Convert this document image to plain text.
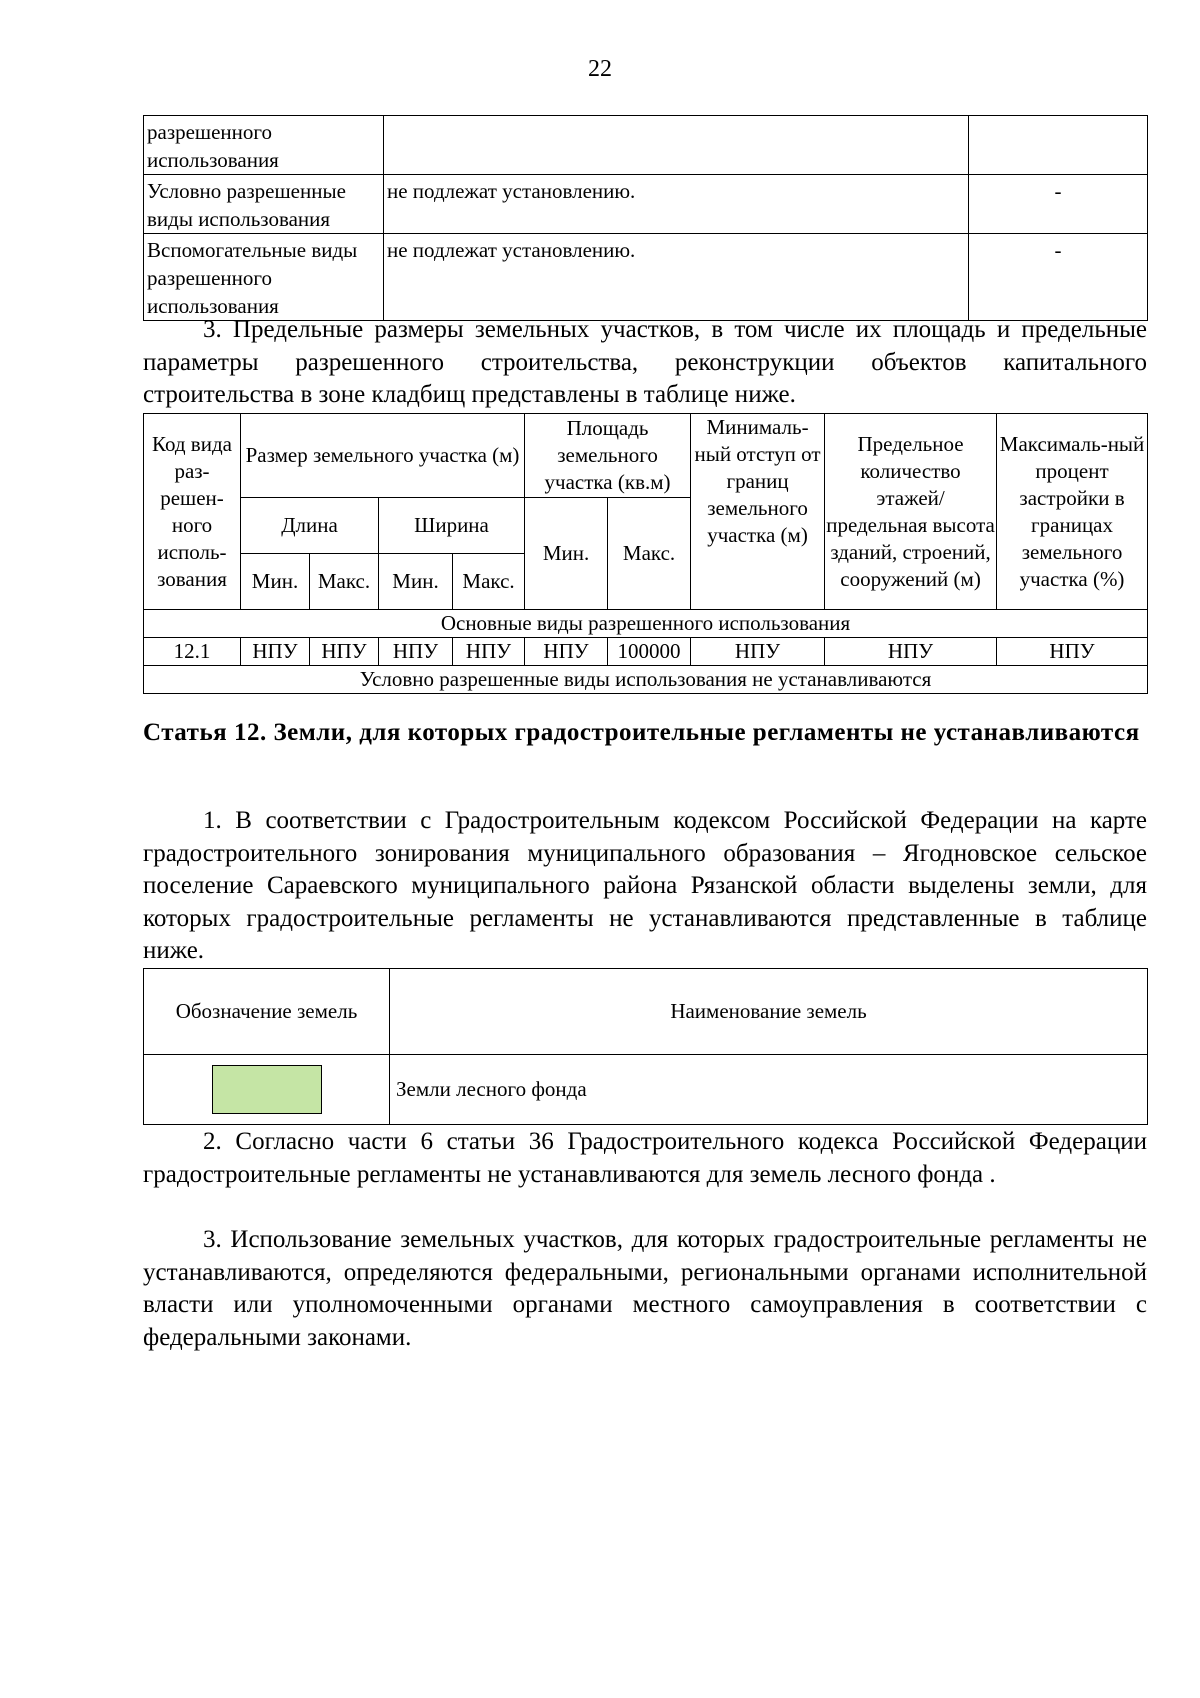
22
разрешенного использования		
Условно разрешенные виды использования	не подлежат установлению.	-
Вспомогательные виды разрешенного использования	не подлежат установлению.	-
3. Предельные размеры земельных участков, в том числе их площадь и предельные параметры разрешенного строительства, реконструкции объектов капитального строительства в зоне кладбищ представлены в таблице ниже.
Код вида раз-решен-ного исполь-зования	Размер земельного участка (м)				Площадь земельного участка (кв.м)		Минималь-ный отступ от границ земельного участка (м)	Предельное количество этажей/ предельная высота зданий, строений, сооружений (м)	Максималь-ный процент застройки в границах земельного участка (%)
	Длина		Ширина		Мин.	Макс.			
	Мин.	Макс.	Мин.	Макс.					
Основные виды разрешенного использования									
12.1	НПУ	НПУ	НПУ	НПУ	НПУ	100000	НПУ	НПУ	НПУ
Условно разрешенные виды использования не устанавливаются									
Статья 12. Земли, для которых градостроительные регламенты не устанавливаются
1. В соответствии с Градостроительным кодексом Российской Федерации на карте градостроительного зонирования муниципального образования – Ягодновское сельское поселение Сараевского муниципального района Рязанской области выделены земли, для которых градостроительные регламенты не устанавливаются представленные в таблице ниже.
Обозначение земель	Наименование земель

	Земли лесного фонда
2. Согласно части 6 статьи 36 Градостроительного кодекса Российской Федерации градостроительные регламенты не устанавливаются для земель лесного фонда .
3. Использование земельных участков, для которых градостроительные регламенты не устанавливаются, определяются федеральными, региональными органами исполнительной власти или уполномоченными органами местного самоуправления в соответствии с федеральными законами.
